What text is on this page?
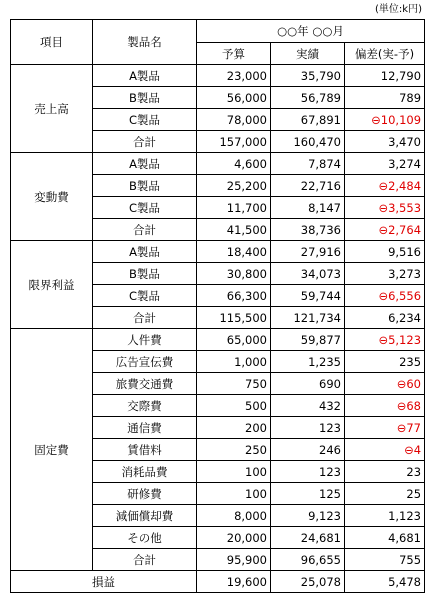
(単位:k円)
項目	製品名	○○年 ○○月		
		予算	実績	偏差(実-予)
売上高	A製品	23,000	35,790	12,790
	B製品	56,000	56,789	789
	C製品	78,000	67,891	⊖10,109
	合計	157,000	160,470	3,470
変動費	A製品	4,600	7,874	3,274
	B製品	25,200	22,716	⊖2,484
	C製品	11,700	8,147	⊖3,553
	合計	41,500	38,736	⊖2,764
限界利益	A製品	18,400	27,916	9,516
	B製品	30,800	34,073	3,273
	C製品	66,300	59,744	⊖6,556
	合計	115,500	121,734	6,234
固定費	人件費	65,000	59,877	⊖5,123
	広告宣伝費	1,000	1,235	235
	旅費交通費	750	690	⊖60
	交際費	500	432	⊖68
	通信費	200	123	⊖77
	賃借料	250	246	⊖4
	消耗品費	100	123	23
	研修費	100	125	25
	減価償却費	8,000	9,123	1,123
	その他	20,000	24,681	4,681
	合計	95,900	96,655	755
損益		19,600	25,078	5,478
